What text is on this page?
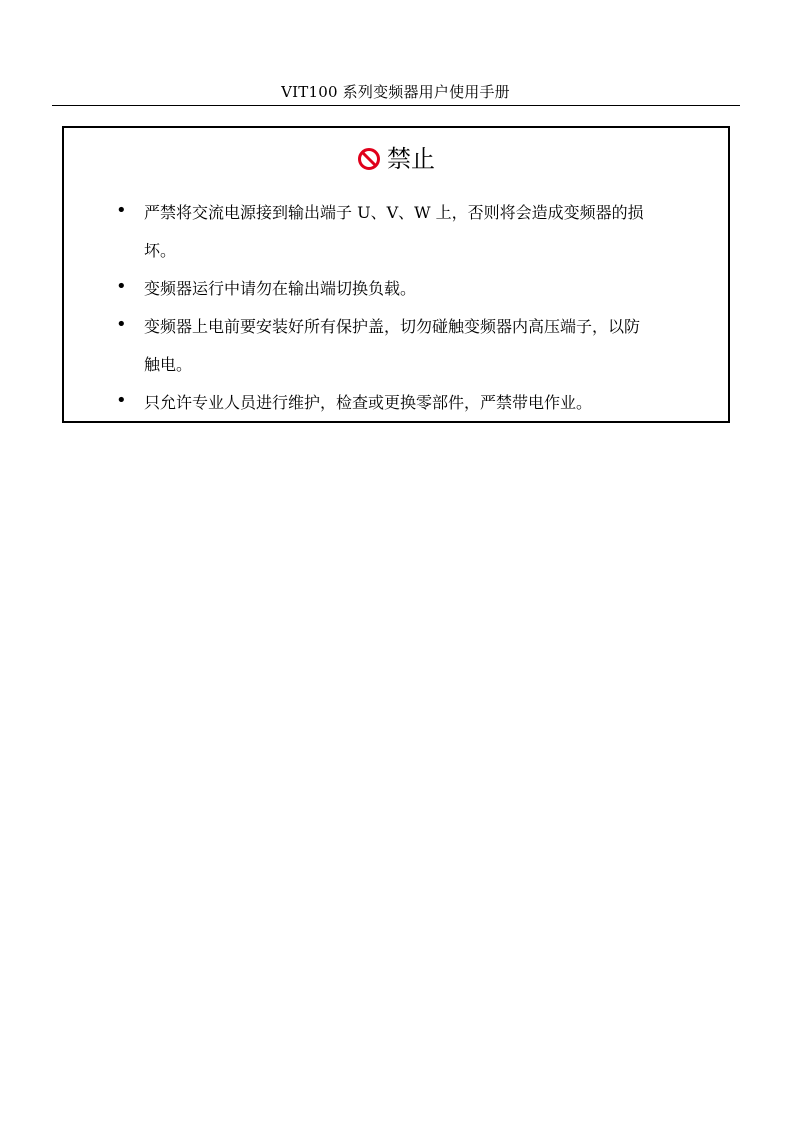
VIT100 系列变频器用户使用手册
禁止
• 严禁将交流电源接到输出端子 U、V、W 上，否则将会造成变频器的损
坏。
• 变频器运行中请勿在输出端切换负载。
• 变频器上电前要安装好所有保护盖，切勿碰触变频器内高压端子，以防
触电。
• 只允许专业人员进行维护，检查或更换零部件，严禁带电作业。
